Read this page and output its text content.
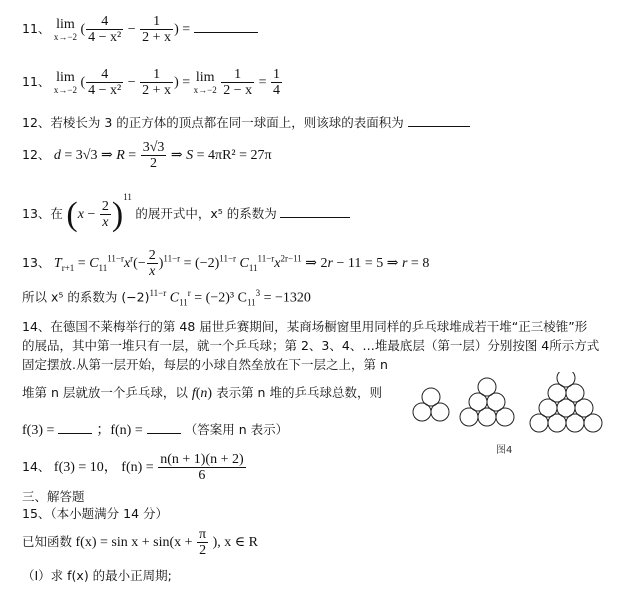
11、 lim
x→−2 ( $\frac{4}{\text{4 − x²}} - \frac{1}{2 + x}$ ) =
11、 lim
x→−2 ( $\frac{4}{\text{4 − x²}} - \frac{1}{2 + x}$ ) = lim
x→−2
$\frac{1}{2 - x} = \frac{1}{4}$
12、若棱长为 3 的正方体的顶点都在同一球面上，则该球的表面积为
12、 d = 3√3 ⇒ $R = \frac{3√3}{2}$ ⇒ S = 4πR² = 27π
13、在 $(x - \frac{2}{x} )^{11}$ 的展开式中，x⁵ 的系数为
13、 $T_{r+1} = C_{11}^{11-r}x^r(- \frac{2}{x} )^{11-r} = (-2)^{11-r}$ $C_{11}^{11-r}x^{2r-11}$ ⇒ 2r − 11 = 5 ⇒ r = 8
所以 x⁵ 的系数为 $(-2)^{11-r}$ $C_{11}^r = (-2)^3$ $C_{11}^3 = -1320$
14、在德国不莱梅举行的第 48 届世乒赛期间，某商场橱窗里用同样的乒乓球堆成若干堆“正三棱锥”形
的展品，其中第一堆只有一层，就一个乒乓球；第 2、3、4、…堆最底层（第一层）分别按图 4所示方式
固定摆放.从第一层开始，每层的小球自然垒放在下一层之上，第 n
堆第 n 层就放一个乒乓球，以 f(n) 表示第 n 堆的乒乓球总数，则
f(3) =	；f(n) =	（答案用 n 表示）
图4
14、 f(3) = 10， $f(n) = \frac{n(n + 1)(n + 2)}{6}$
三、解答题
15、（本小题满分 14 分）
已知函数 $f(x) = \sin x + \sin(x + \frac{\pi}{2}$ ), x ∈ R
（Ⅰ）求 f(x) 的最小正周期;
